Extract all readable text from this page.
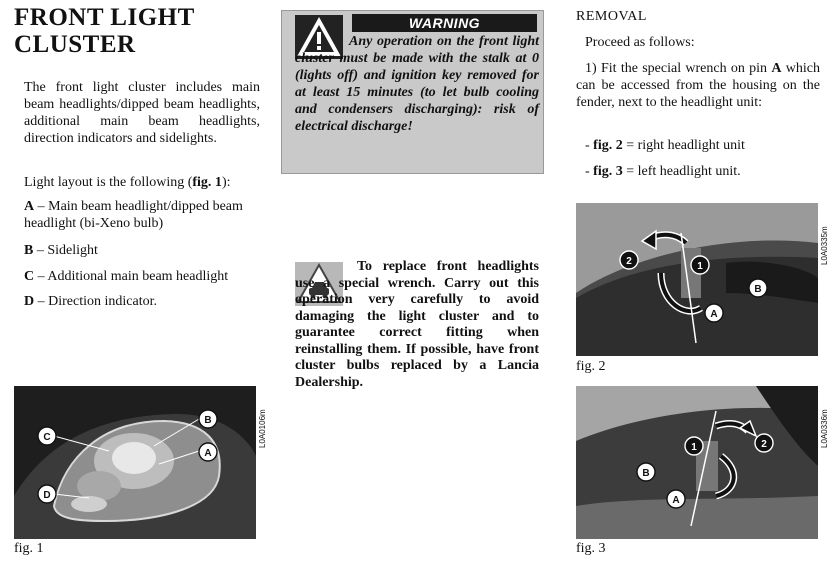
FRONT LIGHT
CLUSTER
The front light cluster includes main beam headlights/dipped beam headlights, additional main beam headlights, direction indicators and sidelights.
Light layout is the following (fig. 1):
A – Main beam headlight/dipped beam headlight (bi-Xeno bulb)
B – Sidelight
C – Additional main beam headlight
D – Direction indicator.
B
A
C
D
L0A0106m
fig. 1
WARNING
Any operation on the front light cluster must be made with the stalk at 0 (lights off) and ignition key removed for at least 15 minutes (to let bulb cooling and condensers discharging): risk of electrical discharge!
To replace front headlights use a special wrench. Carry out this operation very carefully to avoid damaging the light cluster and to guarantee correct fitting when reinstalling them. If possible, have front cluster bulbs replaced by a Lancia Dealership.
REMOVAL
Proceed as follows:
1) Fit the special wrench on pin A which can be accessed from the housing on the fender, next to the headlight unit:
- fig. 2 = right headlight unit
- fig. 3 = left headlight unit.
2	1
B
A
L0A0335m
fig. 2
1	2
B
A
L0A0336m
fig. 3
